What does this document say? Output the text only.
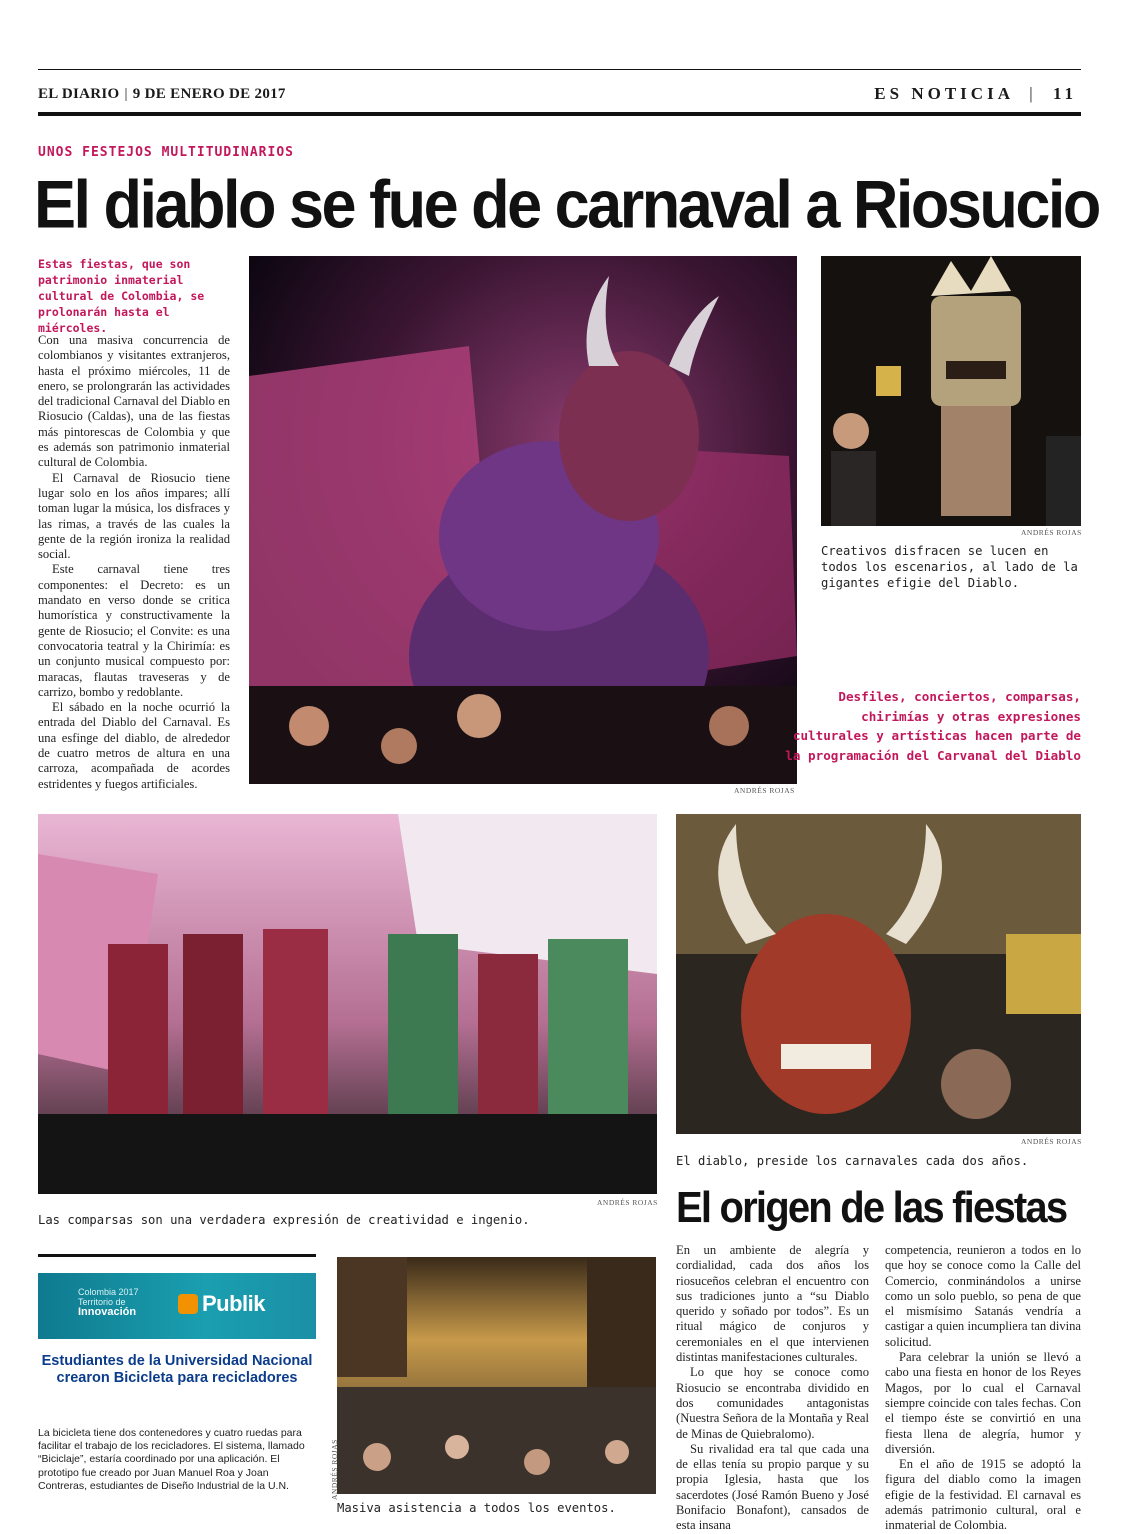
EL DIARIO | 9 DE ENERO DE 2017	ES NOTICIA | 11
UNOS FESTEJOS MULTITUDINARIOS
El diablo se fue de carnaval a Riosucio
Estas fiestas, que son patrimonio inmaterial cultural de Colombia, se prolonarán hasta el miércoles.

Con una masiva concurrencia de colombianos y visitantes extranjeros, hasta el próximo miércoles, 11 de enero, se prolongrarán las actividades del tradicional Carnaval del Diablo en Riosucio (Caldas), una de las fiestas más pintorescas de Colombia y que es además son patrimonio inmaterial cultural de Colombia.

El Carnaval de Riosucio tiene lugar solo en los años impares; allí toman lugar la música, los disfraces y las rimas, a través de las cuales la gente de la región ironiza la realidad social.

Este carnaval tiene tres componentes: el Decreto: es un mandato en verso donde se critica humorística y constructivamente la gente de Riosucio; el Convite: es una convocatoria teatral y la Chirimía: es un conjunto musical compuesto por: maracas, flautas traveseras y de carrizo, bombo y redoblante.

El sábado en la noche ocurrió la entrada del Diablo del Carnaval. Es una esfinge del diablo, de alrededor de cuatro metros de altura en una carroza, acompañada de acordes estridentes y fuegos artificiales.	ANDRÉS ROJAS
ANDRÉS ROJAS
Creativos disfracen se lucen en todos los escenarios, al lado de la gigantes efigie del Diablo.
Desfiles, conciertos, comparsas, chirimías y otras expresiones culturales y artísticas hacen parte de la programación del Carvanal del Diablo
ANDRÉS ROJAS
Las comparsas son una verdadera expresión de creatividad e ingenio.
ANDRÉS ROJAS
El diablo, preside los carnavales cada dos años.
El origen de las fiestas

En un ambiente de alegría y cordialidad, cada dos años los riosuceños celebran el encuentro con sus tradiciones junto a “su Diablo querido y soñado por todos”. Es un ritual mágico de conjuros y ceremoniales en el que intervienen distintas manifestaciones culturales.

Lo que hoy se conoce como Riosucio se encontraba dividido en dos comunidades antagonistas (Nuestra Señora de la Montaña y Real de Minas de Quiebralomo).

Su rivalidad era tal que cada una de ellas tenía su propio parque y su propia Iglesia, hasta que los sacerdotes (José Ramón Bueno y José Bonifacio Bonafont), cansados de esta insana

competencia, reunieron a todos en lo que hoy se conoce como la Calle del Comercio, conminándolos a unirse como un solo pueblo, so pena de que el mismísimo Satanás vendría a castigar a quien incumpliera tan divina solicitud.

Para celebrar la unión se llevó a cabo una fiesta en honor de los Reyes Magos, por lo cual el Carnaval siempre coincide con tales fechas. Con el tiempo éste se convirtió en una fiesta llena de alegría, humor y diversión.

En el año de 1915 se adoptó la figura del diablo como la imagen efigie de la festividad. El carnaval es además patrimonio cultural, oral e inmaterial de Colombia.

Colombia 2017
Territorio de
Innovación	Publik
Estudiantes de la Universidad Nacional crearon Bicicleta para recicladores
La bicicleta tiene dos contenedores y cuatro ruedas para facilitar el trabajo de los recicladores. El sistema, llamado “Biciclaje”, estaría coordinado por una aplicación. El prototipo fue creado por Juan Manuel Roa y Joan Contreras, estudiantes de Diseño Industrial de la U.N.	ANDRÉS ROJAS
Masiva asistencia a todos los eventos.
